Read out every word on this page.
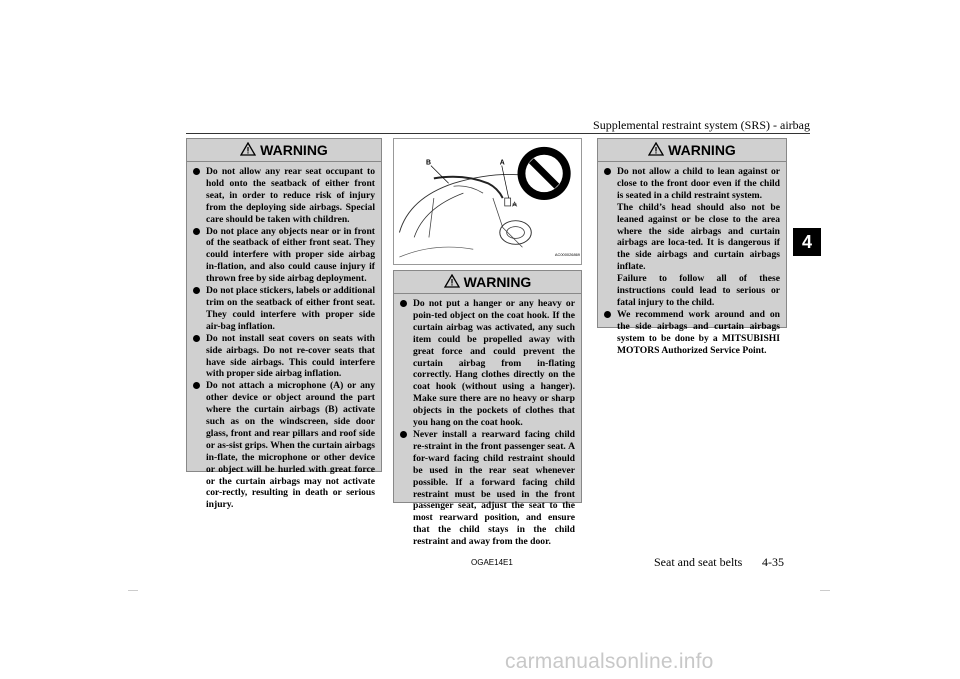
Supplemental restraint system (SRS) - airbag
4
WARNING
Do not allow any rear seat occupant to hold onto the seatback of either front seat, in order to reduce risk of injury from the deploying side airbags. Special care should be taken with children.
Do not place any objects near or in front of the seatback of either front seat. They could interfere with proper side airbag in-flation, and also could cause injury if thrown free by side airbag deployment.
Do not place stickers, labels or additional trim on the seatback of either front seat. They could interfere with proper side air-bag inflation.
Do not install seat covers on seats with side airbags. Do not re-cover seats that have side airbags. This could interfere with proper side airbag inflation.
Do not attach a microphone (A) or any other device or object around the part where the curtain airbags (B) activate such as on the windscreen, side door glass, front and rear pillars and roof side or as-sist grips. When the curtain airbags in-flate, the microphone or other device or object will be hurled with great force or the curtain airbags may not activate cor-rectly, resulting in death or serious injury.
B	A
AC000026869
WARNING
Do not put a hanger or any heavy or poin-ted object on the coat hook. If the curtain airbag was activated, any such item could be propelled away with great force and could prevent the curtain airbag from in-flating correctly. Hang clothes directly on the coat hook (without using a hanger). Make sure there are no heavy or sharp objects in the pockets of clothes that you hang on the coat hook.
Never install a rearward facing child re-straint in the front passenger seat. A for-ward facing child restraint should be used in the rear seat whenever possible. If a forward facing child restraint must be used in the front passenger seat, adjust the seat to the most rearward position, and ensure that the child stays in the child restraint and away from the door.
WARNING
Do not allow a child to lean against or close to the front door even if the child is seated in a child restraint system.
The child’s head should also not be leaned against or be close to the area where the side airbags and curtain airbags are loca-ted. It is dangerous if the side airbags and curtain airbags inflate.
Failure to follow all of these instructions could lead to serious or fatal injury to the child.
We recommend work around and on the side airbags and curtain airbags system to be done by a MITSUBISHI MOTORS Authorized Service Point.
OGAE14E1	Seat and seat belts 4-35
carmanualsonline.info
